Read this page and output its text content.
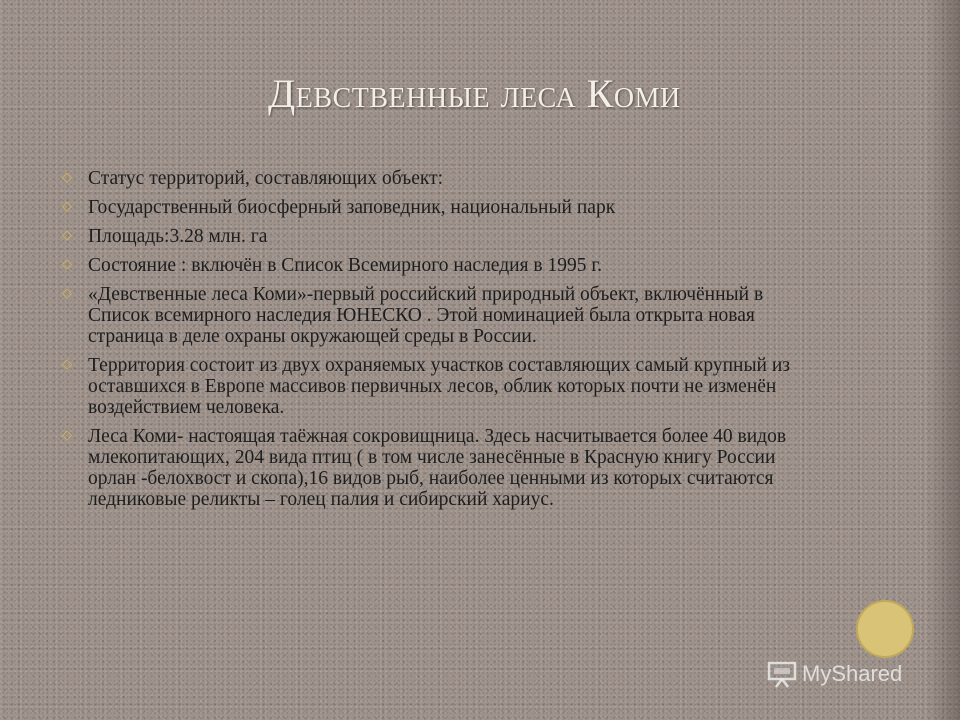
Девственные леса Коми
◇ Статус территорий, составляющих объект:
◇ Государственный биосферный заповедник, национальный парк
◇ Площадь:3.28 млн. га
◇ Состояние : включён в Список Всемирного наследия в 1995 г.
◇ «Девственные леса Коми»-первый российский природный объект, включённый в Список всемирного наследия ЮНЕСКО . Этой номинацией была открыта новая страница в деле охраны окружающей среды в России.
◇ Территория состоит из двух охраняемых участков составляющих самый крупный из оставшихся в Европе массивов первичных лесов, облик которых почти не изменён воздействием человека.
◇ Леса Коми- настоящая таёжная сокровищница. Здесь насчитывается более 40 видов млекопитающих, 204 вида птиц ( в том числе занесённые в Красную книгу России орлан -белохвост и скопа),16 видов рыб, наиболее ценными из которых считаются ледниковые реликты – голец палия и сибирский хариус.
MyShared
